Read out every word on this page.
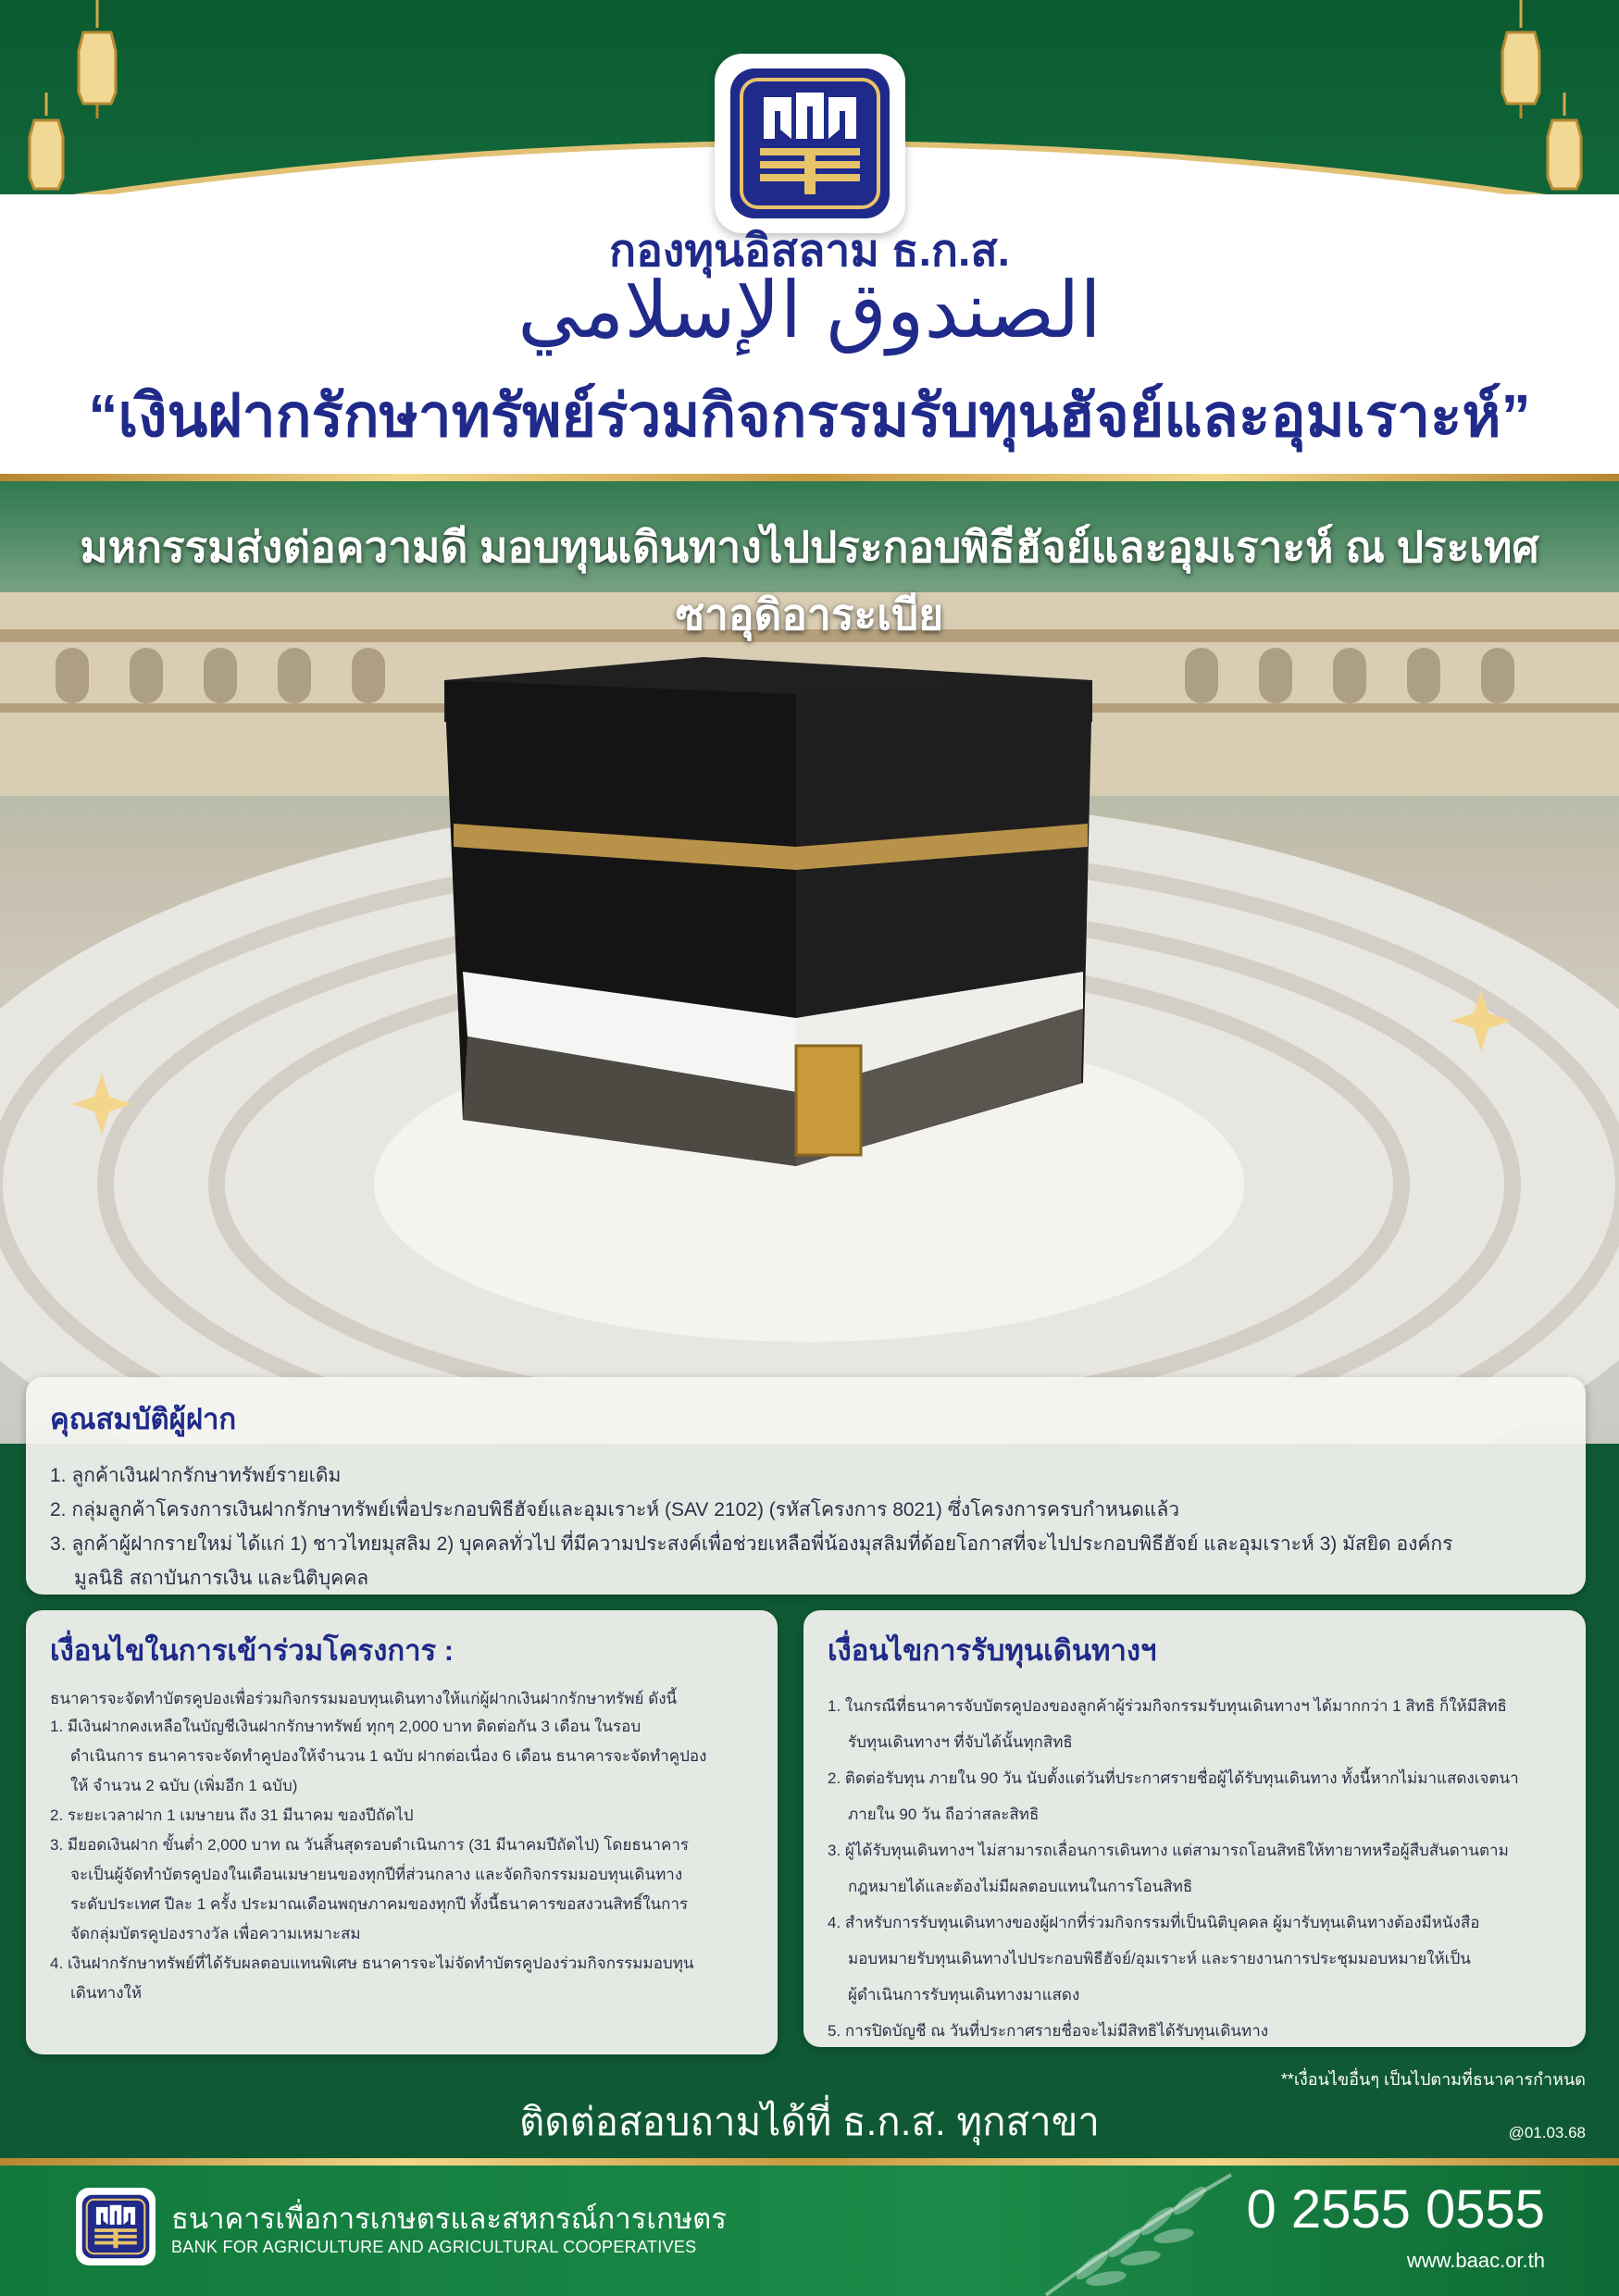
กองทุนอิสลาม ธ.ก.ส.
الصندوق الإسلامي
“เงินฝากรักษาทรัพย์ร่วมกิจกรรมรับทุนฮัจย์และอุมเราะห์”
มหกรรมส่งต่อความดี มอบทุนเดินทางไปประกอบพิธีฮัจย์และอุมเราะห์ ณ ประเทศซาอุดิอาระเบีย
คุณสมบัติผู้ฝาก
1. ลูกค้าเงินฝากรักษาทรัพย์รายเดิม
2. กลุ่มลูกค้าโครงการเงินฝากรักษาทรัพย์เพื่อประกอบพิธีฮัจย์และอุมเราะห์ (SAV 2102) (รหัสโครงการ 8021) ซึ่งโครงการครบกำหนดแล้ว
3. ลูกค้าผู้ฝากรายใหม่ ได้แก่ 1) ชาวไทยมุสลิม 2) บุคคลทั่วไป ที่มีความประสงค์เพื่อช่วยเหลือพี่น้องมุสลิมที่ด้อยโอกาสที่จะไปประกอบพิธีฮัจย์ และอุมเราะห์ 3) มัสยิด องค์กร
มูลนิธิ สถาบันการเงิน และนิติบุคคล
เงื่อนไขในการเข้าร่วมโครงการ :
ธนาคารจะจัดทำบัตรคูปองเพื่อร่วมกิจกรรมมอบทุนเดินทางให้แก่ผู้ฝากเงินฝากรักษาทรัพย์ ดังนี้
1. มีเงินฝากคงเหลือในบัญชีเงินฝากรักษาทรัพย์ ทุกๆ 2,000 บาท ติดต่อกัน 3 เดือน ในรอบ
ดำเนินการ ธนาคารจะจัดทำคูปองให้จำนวน 1 ฉบับ ฝากต่อเนื่อง 6 เดือน ธนาคารจะจัดทำคูปอง
ให้ จำนวน 2 ฉบับ (เพิ่มอีก 1 ฉบับ)
2. ระยะเวลาฝาก 1 เมษายน ถึง 31 มีนาคม ของปีถัดไป
3. มียอดเงินฝาก ขั้นต่ำ 2,000 บาท ณ วันสิ้นสุดรอบดำเนินการ (31 มีนาคมปีถัดไป) โดยธนาคาร
จะเป็นผู้จัดทำบัตรคูปองในเดือนเมษายนของทุกปีที่ส่วนกลาง และจัดกิจกรรมมอบทุนเดินทาง
ระดับประเทศ ปีละ 1 ครั้ง ประมาณเดือนพฤษภาคมของทุกปี ทั้งนี้ธนาคารขอสงวนสิทธิ์ในการ
จัดกลุ่มบัตรคูปองรางวัล เพื่อความเหมาะสม
4. เงินฝากรักษาทรัพย์ที่ได้รับผลตอบแทนพิเศษ ธนาคารจะไม่จัดทำบัตรคูปองร่วมกิจกรรมมอบทุน
เดินทางให้
เงื่อนไขการรับทุนเดินทางฯ
1. ในกรณีที่ธนาคารจับบัตรคูปองของลูกค้าผู้ร่วมกิจกรรมรับทุนเดินทางฯ ได้มากกว่า 1 สิทธิ ก็ให้มีสิทธิ
รับทุนเดินทางฯ ที่จับได้นั้นทุกสิทธิ
2. ติดต่อรับทุน ภายใน 90 วัน นับตั้งแต่วันที่ประกาศรายชื่อผู้ได้รับทุนเดินทาง ทั้งนี้หากไม่มาแสดงเจตนา
ภายใน 90 วัน ถือว่าสละสิทธิ
3. ผู้ได้รับทุนเดินทางฯ ไม่สามารถเลื่อนการเดินทาง แต่สามารถโอนสิทธิให้ทายาทหรือผู้สืบสันดานตาม
กฎหมายได้และต้องไม่มีผลตอบแทนในการโอนสิทธิ
4. สำหรับการรับทุนเดินทางของผู้ฝากที่ร่วมกิจกรรมที่เป็นนิติบุคคล ผู้มารับทุนเดินทางต้องมีหนังสือ
มอบหมายรับทุนเดินทางไปประกอบพิธีฮัจย์/อุมเราะห์ และรายงานการประชุมมอบหมายให้เป็น
ผู้ดำเนินการรับทุนเดินทางมาแสดง
5. การปิดบัญชี ณ วันที่ประกาศรายชื่อจะไม่มีสิทธิได้รับทุนเดินทาง
**เงื่อนไขอื่นๆ เป็นไปตามที่ธนาคารกำหนด
ติดต่อสอบถามได้ที่ ธ.ก.ส. ทุกสาขา	@01.03.68
ธนาคารเพื่อการเกษตรและสหกรณ์การเกษตร
BANK FOR AGRICULTURE AND AGRICULTURAL COOPERATIVES
0 2555 0555
www.baac.or.th
